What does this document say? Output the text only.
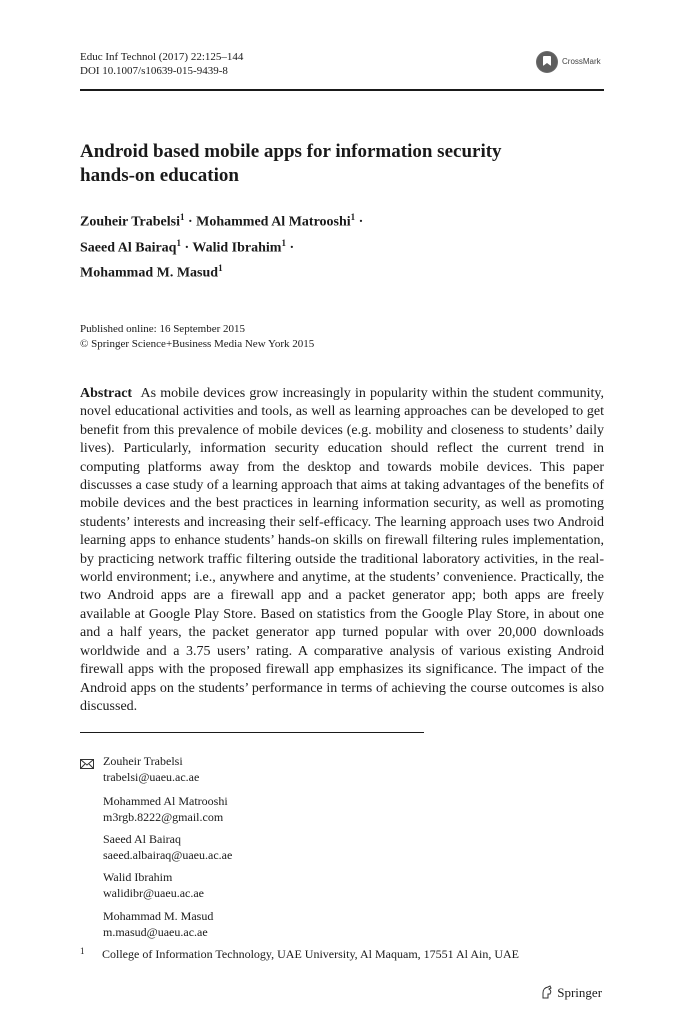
Educ Inf Technol (2017) 22:125–144
DOI 10.1007/s10639-015-9439-8
CrossMark
Android based mobile apps for information security
hands-on education
Zouheir Trabelsi$^1$ · Mohammed Al Matrooshi$^1$ ·
Saeed Al Bairaq$^1$ · Walid Ibrahim$^1$ ·
Mohammad M. Masud$^1$
Published online: 16 September 2015
© Springer Science+Business Media New York 2015
Abstract As mobile devices grow increasingly in popularity within the student community, novel educational activities and tools, as well as learning approaches can be developed to get benefit from this prevalence of mobile devices (e.g. mobility and closeness to students’ daily lives). Particularly, information security education should reflect the current trend in computing platforms away from the desktop and towards mobile devices. This paper discusses a case study of a learning approach that aims at taking advantages of the benefits of mobile devices and the best practices in learning information security, as well as promoting students’ interests and increasing their self-efficacy. The learning approach uses two Android learning apps to enhance students’ hands-on skills on firewall filtering rules implementation, by practicing network traffic filtering outside the traditional laboratory activities, in the real-world environment; i.e., anywhere and anytime, at the students’ convenience. Practically, the two Android apps are a firewall app and a packet generator app; both apps are freely available at Google Play Store. Based on statistics from the Google Play Store, in about one and a half years, the packet generator app turned popular with over 20,000 downloads worldwide and a 3.75 users’ rating. A comparative analysis of various existing Android firewall apps with the proposed firewall app emphasizes its significance. The impact of the Android apps on the students’ performance in terms of achieving the course outcomes is also discussed.
Zouheir Trabelsi
trabelsi@uaeu.ac.ae
Mohammed Al Matrooshi
m3rgb.8222@gmail.com
Saeed Al Bairaq
saeed.albairaq@uaeu.ac.ae
Walid Ibrahim
walidibr@uaeu.ac.ae
Mohammad M. Masud
m.masud@uaeu.ac.ae
1 College of Information Technology, UAE University, Al Maquam, 17551 Al Ain, UAE
Springer
